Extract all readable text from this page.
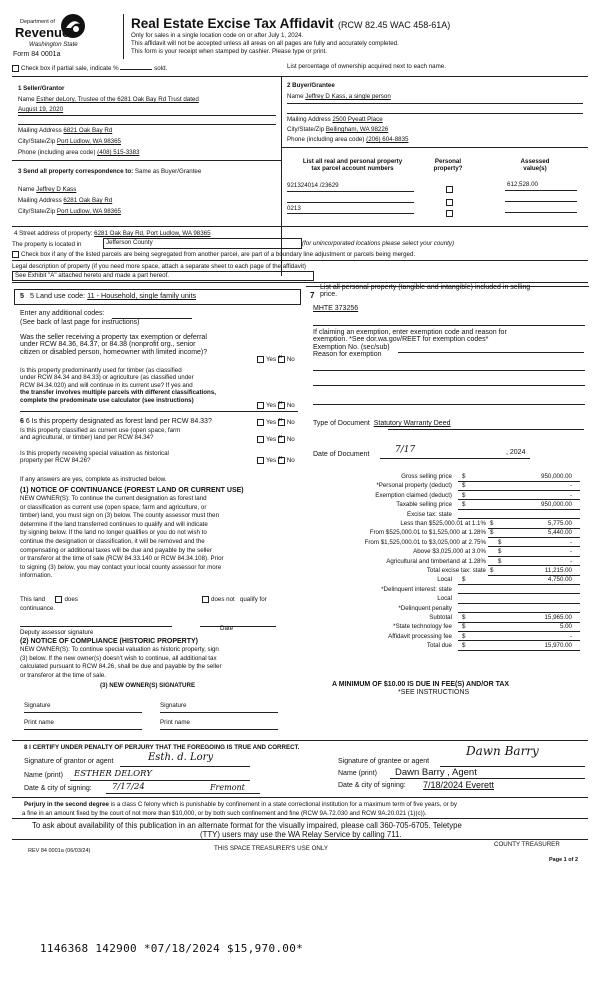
Department of
Revenue
Washington State
Form 84 0001a
Real Estate Excise Tax Affidavit (RCW 82.45 WAC 458-61A)
Only for sales in a single location code on or after July 1, 2024.
This affidavit will not be accepted unless all areas on all pages are fully and accurately completed.
This form is your receipt when stamped by cashier. Please type or print.
Check box if partial sale, indicate %	sold.	List percentage of ownership acquired next to each name.
1 Seller/Grantor
Name Esther deLory, Trustee of the 6281 Oak Bay Rd Trust dated
August 19, 2020
Mailing Address 6821 Oak Bay Rd
City/State/Zip Port Ludlow, WA 98365
Phone (including area code) (408) 515-3383
2 Buyer/Grantee
Name Jeffrey D Kass, a single person
Mailing Address 2500 Pyeatt Place
City/State/Zip Bellingham, WA 98226
Phone (including area code) (206) 604-8835
3 Send all property correspondence to: Same as Buyer/Grantee
Name Jeffrey D Kass
Mailing Address 6281 Oak Bay Rd
City/State/Zip Port Ludlow, WA 98365
List all real and personal property
tax parcel account numbers
Personal
property?
Assessed
value(s)
921324014 /23629	612,528.00
0213
4 Street address of property: 6281 Oak Bay Rd, Port Ludlow, WA 98365
The property is located in	Jefferson County	(for unincorporated locations please select your county)
Check box if any of the listed parcels are being segregated from another parcel, are part of a boundary line adjustment or parcels being merged.
Legal description of property (if you need more space, attach a separate sheet to each page of the affidavit)
See Exhibit "A" attached hereto and made a part hereof.
5 5 Land use code: 11 - Household, single family units
Enter any additional codes:
(See back of last page for instructions)
Was the seller receiving a property tax exemption or deferral
under RCW 84.36, 84.37, or 84.38 (nonprofit org., senior
citizen or disabled person, homeowner with limited income)?
Yes × No
Is this property predominantly used for timber (as classified
under RCW 84.34 and 84.33) or agriculture (as classified under
RCW 84.34.020) and will continue in its current use? If yes and
the transfer involves multiple parcels with different classifications,
complete the predominate use calculator (see instructions)
Yes × No
6 6 Is this property designated as forest land per RCW 84.33?	Yes × No
Is this property classified as current use (open space, farm
and agricultural, or timber) land per RCW 84.34?	Yes × No
Is this property receiving special valuation as historical
property per RCW 84.26?	Yes × No
If any answers are yes, complete as instructed below.
(1) NOTICE OF CONTINUANCE (FOREST LAND OR CURRENT USE)
NEW OWNER(S): To continue the current designation as forest land
or classification as current use (open space, farm and agriculture, or
timber) land, you must sign on (3) below. The county assessor must then
determine if the land transferred continues to qualify and will indicate
by signing below. If the land no longer qualifies or you do not wish to
continue the designation or classification, it will be removed and the
compensating or additional taxes will be due and payable by the seller
or transferor at the time of sale (RCW 84.33.140 or RCW 84.34.108). Prior
to signing (3) below, you may contact your local county assessor for more
information.
This land	does	does not qualify for
continuance.
Deputy assessor signature
Date
(2) NOTICE OF COMPLIANCE (HISTORIC PROPERTY)
NEW OWNER(S): To continue special valuation as historic property, sign
(3) below. If the new owner(s) doesn't wish to continue, all additional tax
calculated pursuant to RCW 84.26, shall be due and payable by the seller
or transferor at the time of sale.
(3) NEW OWNER(S) SIGNATURE
Signature	Signature
Print name	Print name
7
List all personal property (tangible and intangible) included in selling
price.
MHTE 373256
If claiming an exemption, enter exemption code and reason for
exemption. *See dor.wa.gov/REET for exemption codes*
Exemption No. (sec/sub)
Reason for exemption
Type of Document Statutory Warranty Deed
Date of Document	7/17	, 2024
Gross selling price $	950,000.00
*Personal property (deduct) $	-
Exemption claimed (deduct) $	-
Taxable selling price $	950,000.00
Excise tax: state
Less than $525,000.01 at 1.1% $	5,775.00
From $525,000.01 to $1,525,000 at 1.28% $	5,440.00
From $1,525,000.01 to $3,025,000 at 2.75% $	-
Above $3,025,000 at 3.0% $	-
Agricultural and timberland at 1.28% $	-
Total excise tax: state $	11,215.00
Local $	4,750.00
*Delinquent interest: state
Local
*Delinquent penalty
Subtotal $	15,965.00
*State technology fee $	5.00
Affidavit processing fee $	-
Total due $	15,970.00
A MINIMUM OF $10.00 IS DUE IN FEE(S) AND/OR TAX
*SEE INSTRUCTIONS
8 I CERTIFY UNDER PENALTY OF PERJURY THAT THE FOREGOING IS TRUE AND CORRECT.
Signature of grantor or agent	Esth. d. Lory
Name (print) ESTHER DELORY
Date & city of signing: 7/17/24	Fremont
Signature of grantee or agent
Dawn Barry
Name (print) Dawn Barry , Agent
Date & city of signing: 7/18/2024 Everett
Perjury in the second degree is a class C felony which is punishable by confinement in a state correctional institution for a maximum term of five years, or by
a fine in an amount fixed by the court of not more than $10,000, or by both such confinement and fine (RCW 9A.72.030 and RCW 9A.20.021 (1)(c)).
To ask about availability of this publication in an alternate format for the visually impaired, please call 360-705-6705. Teletype
(TTY) users may use the WA Relay Service by calling 711.
REV 84 0001a (06/03/24)	THIS SPACE TREASURER'S USE ONLY
COUNTY TREASURER
Page 1 of 2
1146368 142900 *07/18/2024 $15,970.00*
